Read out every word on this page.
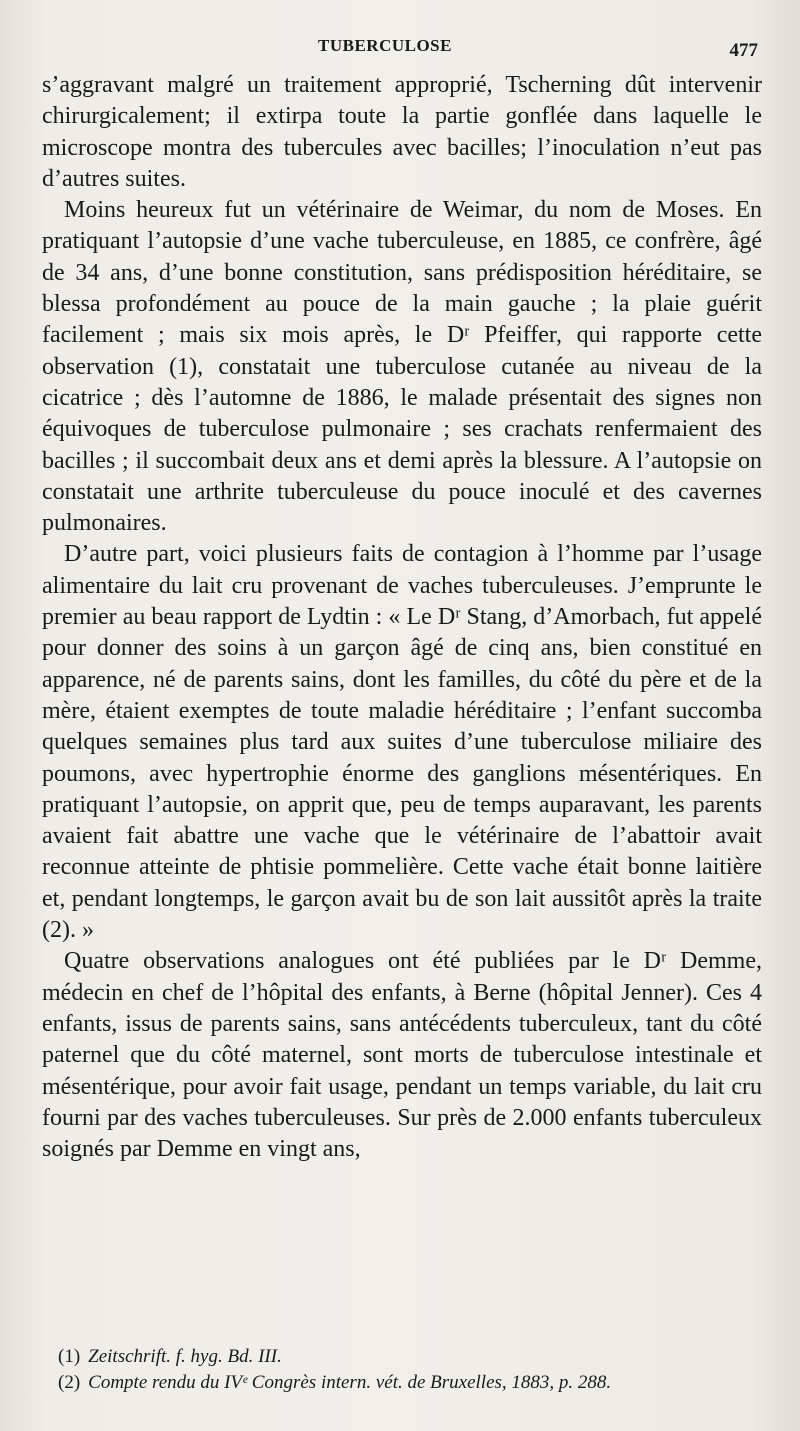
TUBERCULOSE	477

s’aggravant malgré un traitement approprié, Tscherning dût intervenir chirurgicalement; il extirpa toute la partie gonflée dans laquelle le microscope montra des tubercules avec bacilles; l’inoculation n’eut pas d’autres suites.

Moins heureux fut un vétérinaire de Weimar, du nom de Moses. En pratiquant l’autopsie d’une vache tuberculeuse, en 1885, ce confrère, âgé de 34 ans, d’une bonne constitution, sans prédisposition héréditaire, se blessa profondément au pouce de la main gauche ; la plaie guérit facilement ; mais six mois après, le Dʳ Pfeiffer, qui rapporte cette observation (1), constatait une tuberculose cutanée au niveau de la cicatrice ; dès l’automne de 1886, le malade présentait des signes non équivoques de tuberculose pulmonaire ; ses crachats renfermaient des bacilles ; il succombait deux ans et demi après la blessure. A l’autopsie on constatait une arthrite tuberculeuse du pouce inoculé et des cavernes pulmonaires.

D’autre part, voici plusieurs faits de contagion à l’homme par l’usage alimentaire du lait cru provenant de vaches tuberculeuses. J’emprunte le premier au beau rapport de Lydtin : « Le Dʳ Stang, d’Amorbach, fut appelé pour donner des soins à un garçon âgé de cinq ans, bien constitué en apparence, né de parents sains, dont les familles, du côté du père et de la mère, étaient exemptes de toute maladie héréditaire ; l’enfant succomba quelques semaines plus tard aux suites d’une tuberculose miliaire des poumons, avec hypertrophie énorme des ganglions mésentériques. En pratiquant l’autopsie, on apprit que, peu de temps auparavant, les parents avaient fait abattre une vache que le vétérinaire de l’abattoir avait reconnue atteinte de phtisie pommelière. Cette vache était bonne laitière et, pendant longtemps, le garçon avait bu de son lait aussitôt après la traite (2). »

Quatre observations analogues ont été publiées par le Dʳ Demme, médecin en chef de l’hôpital des enfants, à Berne (hôpital Jenner). Ces 4 enfants, issus de parents sains, sans antécédents tuberculeux, tant du côté paternel que du côté maternel, sont morts de tuberculose intestinale et mésentérique, pour avoir fait usage, pendant un temps variable, du lait cru fourni par des vaches tuberculeuses. Sur près de 2.000 enfants tuberculeux soignés par Demme en vingt ans,

(1) Zeitschrift. f. hyg. Bd. III.
(2) Compte rendu du IVᵉ Congrès intern. vét. de Bruxelles, 1883, p. 288.
